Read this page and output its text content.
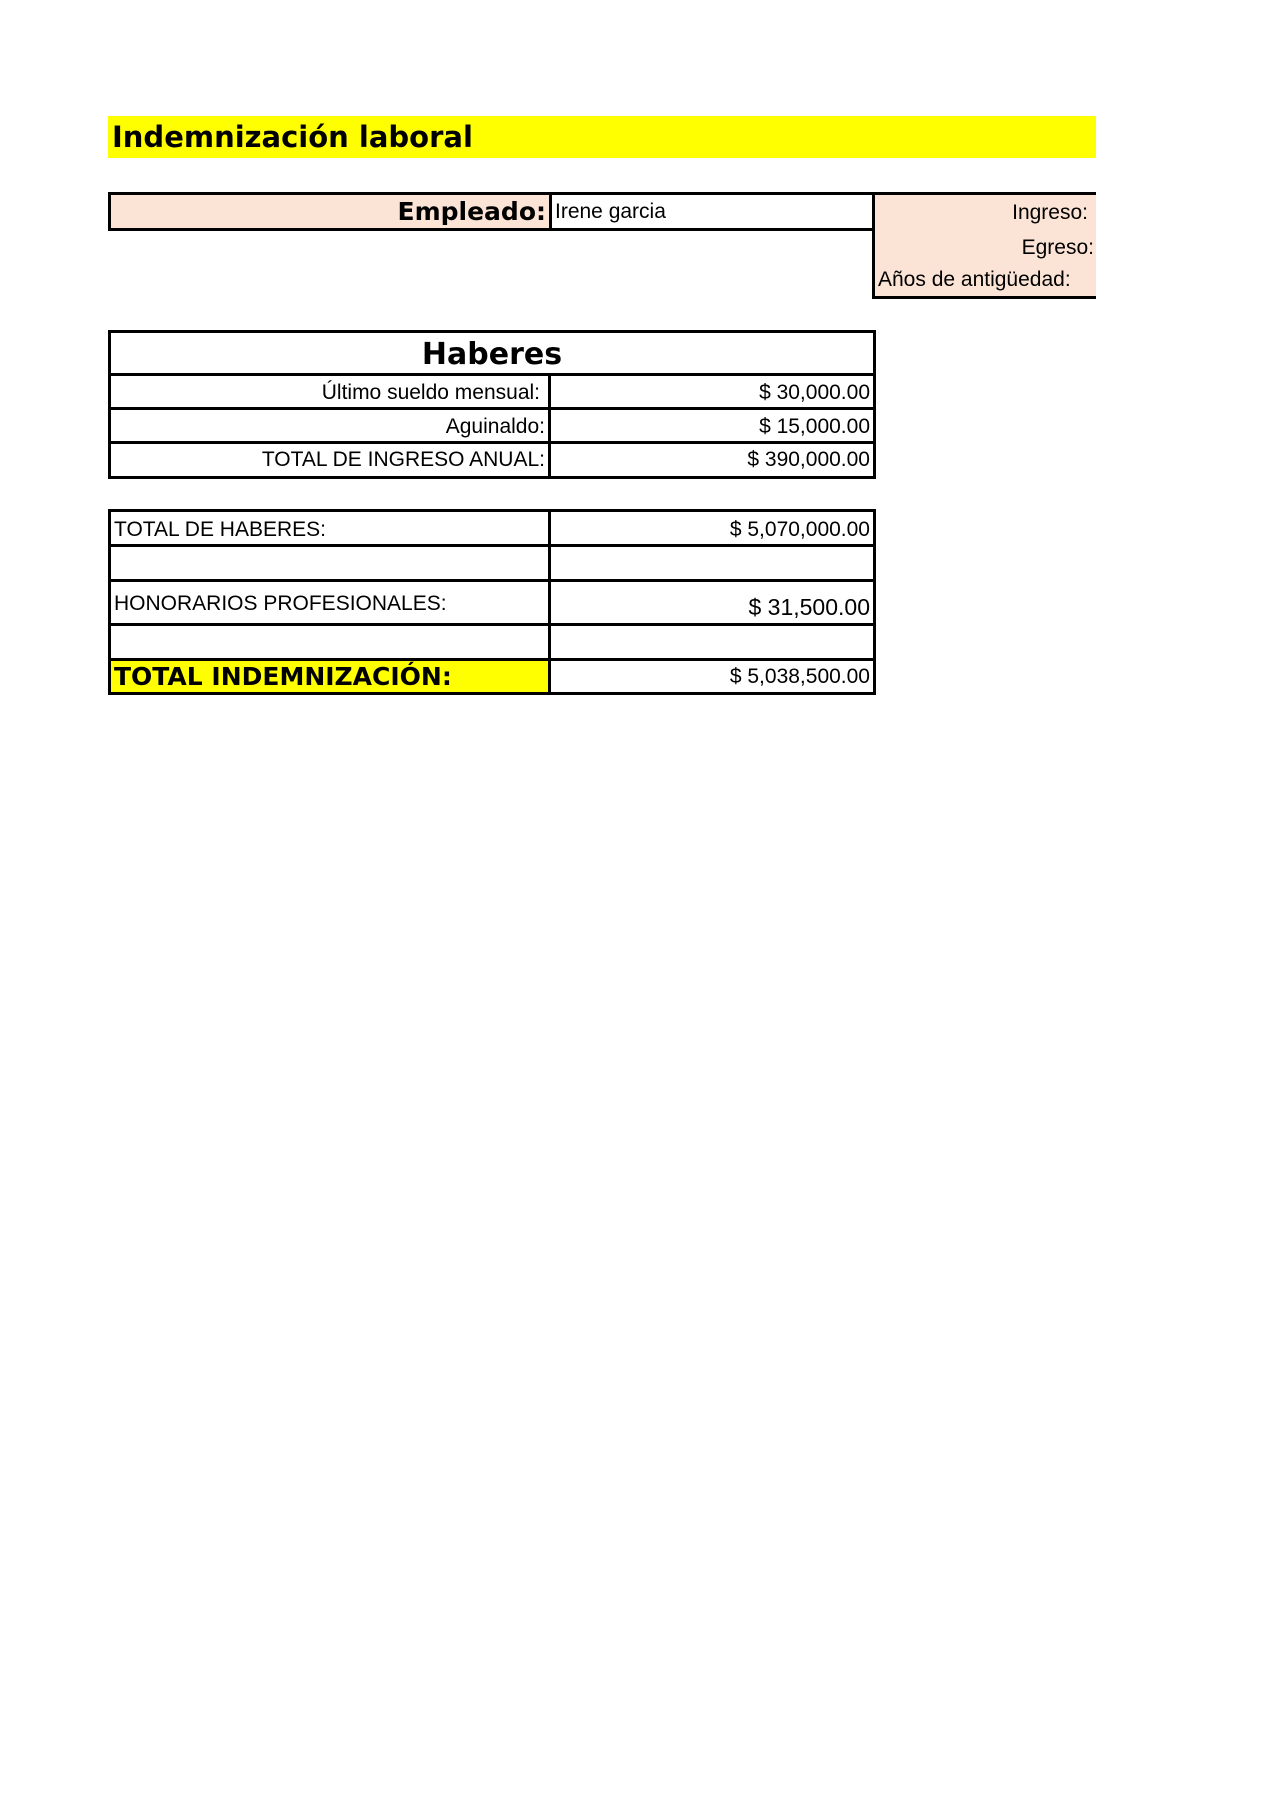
Indemnización laboral
Empleado: Irene garcia	Ingreso:
Egreso:
Años de antigüedad:
Haberes
Último sueldo mensual:	$ 30,000.00
Aguinaldo:	$ 15,000.00
TOTAL DE INGRESO ANUAL:	$ 390,000.00
TOTAL DE HABERES:	$ 5,070,000.00
HONORARIOS PROFESIONALES:	$ 31,500.00
TOTAL INDEMNIZACIÓN:	$ 5,038,500.00
